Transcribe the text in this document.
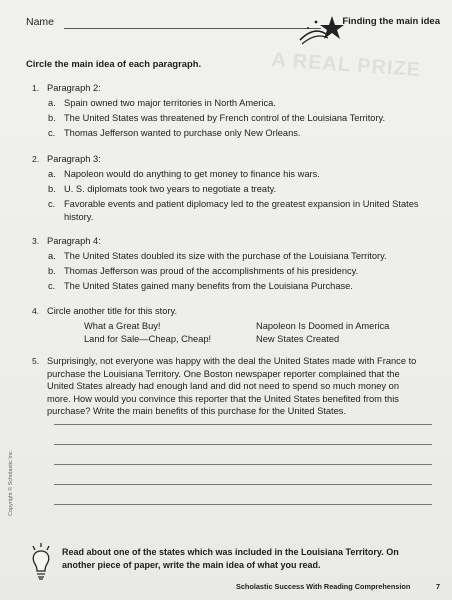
A REAL PRIZE
Name	Finding the main idea
Circle the main idea of each paragraph.
1. Paragraph 2:
a. Spain owned two major territories in North America.
b. The United States was threatened by French control of the Louisiana Territory.
c. Thomas Jefferson wanted to purchase only New Orleans.
2. Paragraph 3:
a. Napoleon would do anything to get money to finance his wars.
b. U. S. diplomats took two years to negotiate a treaty.
c. Favorable events and patient diplomacy led to the greatest expansion in United States history.
3. Paragraph 4:
a. The United States doubled its size with the purchase of the Louisiana Territory.
b. Thomas Jefferson was proud of the accomplishments of his presidency.
c. The United States gained many benefits from the Louisiana Purchase.
4. Circle another title for this story.
What a Great Buy!	Napoleon Is Doomed in America
Land for Sale—Cheap, Cheap!	New States Created
5. Surprisingly, not everyone was happy with the deal the United States made with France to purchase the Louisiana Territory. One Boston newspaper reporter complained that the United States already had enough land and did not need to spend so much money on more. How would you convince this reporter that the United States benefited from this purchase? Write the main benefits of this purchase for the United States.
Copyright © Scholastic Inc.
Read about one of the states which was included in the Louisiana Territory. On another piece of paper, write the main idea of what you read.
Scholastic Success With Reading Comprehension	7
